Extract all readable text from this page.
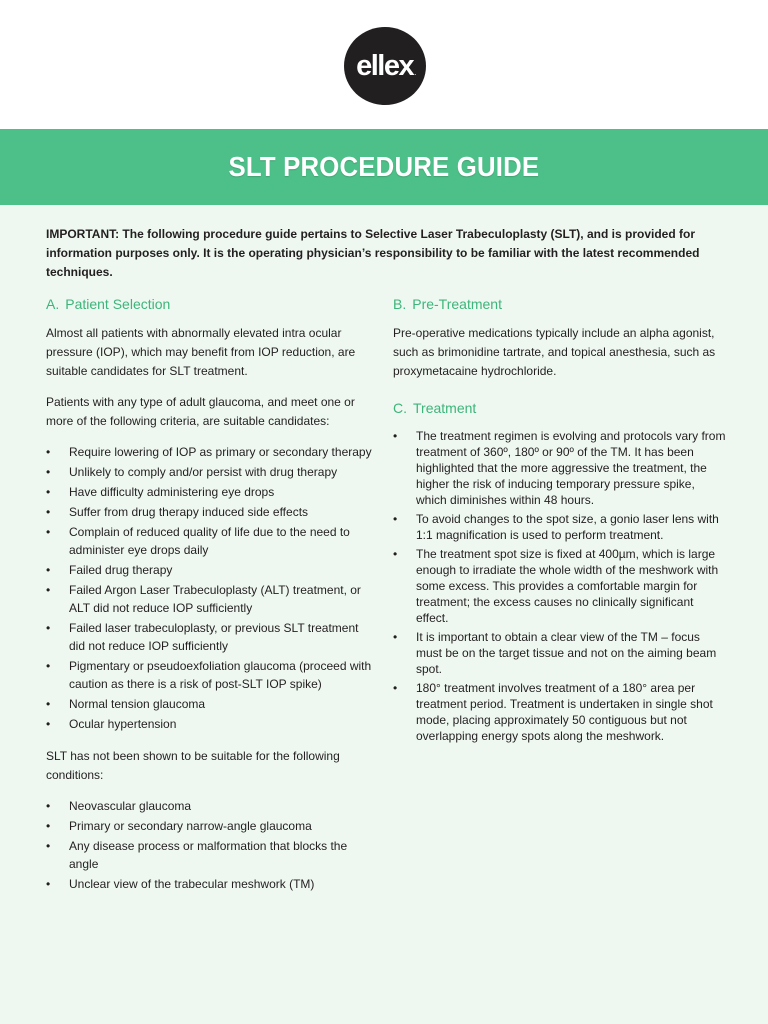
ellex .
SLT PROCEDURE GUIDE

IMPORTANT: The following procedure guide pertains to Selective Laser Trabeculoplasty (SLT), and is provided for information purposes only. It is the operating physician’s responsibility to be familiar with the latest recommended techniques.

A. Patient Selection

Almost all patients with abnormally elevated intra ocular pressure (IOP), which may benefit from IOP reduction, are suitable candidates for SLT treatment.

Patients with any type of adult glaucoma, and meet one or more of the following criteria, are suitable candidates:

• Require lowering of IOP as primary or secondary therapy
• Unlikely to comply and/or persist with drug therapy
• Have difficulty administering eye drops
• Suffer from drug therapy induced side effects
• Complain of reduced quality of life due to the need to administer eye drops daily
• Failed drug therapy
• Failed Argon Laser Trabeculoplasty (ALT) treatment, or ALT did not reduce IOP sufficiently
• Failed laser trabeculoplasty, or previous SLT treatment did not reduce IOP sufficiently
• Pigmentary or pseudoexfoliation glaucoma (proceed with caution as there is a risk of post-SLT IOP spike)
• Normal tension glaucoma
• Ocular hypertension

SLT has not been shown to be suitable for the following conditions:

• Neovascular glaucoma
• Primary or secondary narrow-angle glaucoma
• Any disease process or malformation that blocks the angle
• Unclear view of the trabecular meshwork (TM)
B. Pre-Treatment

Pre-operative medications typically include an alpha agonist, such as brimonidine tartrate, and topical anesthesia, such as proxymetacaine hydrochloride.

C. Treatment
• The treatment regimen is evolving and protocols vary from treatment of 360º, 180º or 90º of the TM. It has been highlighted that the more aggressive the treatment, the higher the risk of inducing temporary pressure spike, which diminishes within 48 hours.
• To avoid changes to the spot size, a gonio laser lens with 1:1 magnification is used to perform treatment.
• The treatment spot size is fixed at 400µm, which is large enough to irradiate the whole width of the meshwork with some excess. This provides a comfortable margin for treatment; the excess causes no clinically significant effect.
• It is important to obtain a clear view of the TM – focus must be on the target tissue and not on the aiming beam spot.
• 180° treatment involves treatment of a 180° area per treatment period. Treatment is undertaken in single shot mode, placing approximately 50 contiguous but not overlapping energy spots along the meshwork.
